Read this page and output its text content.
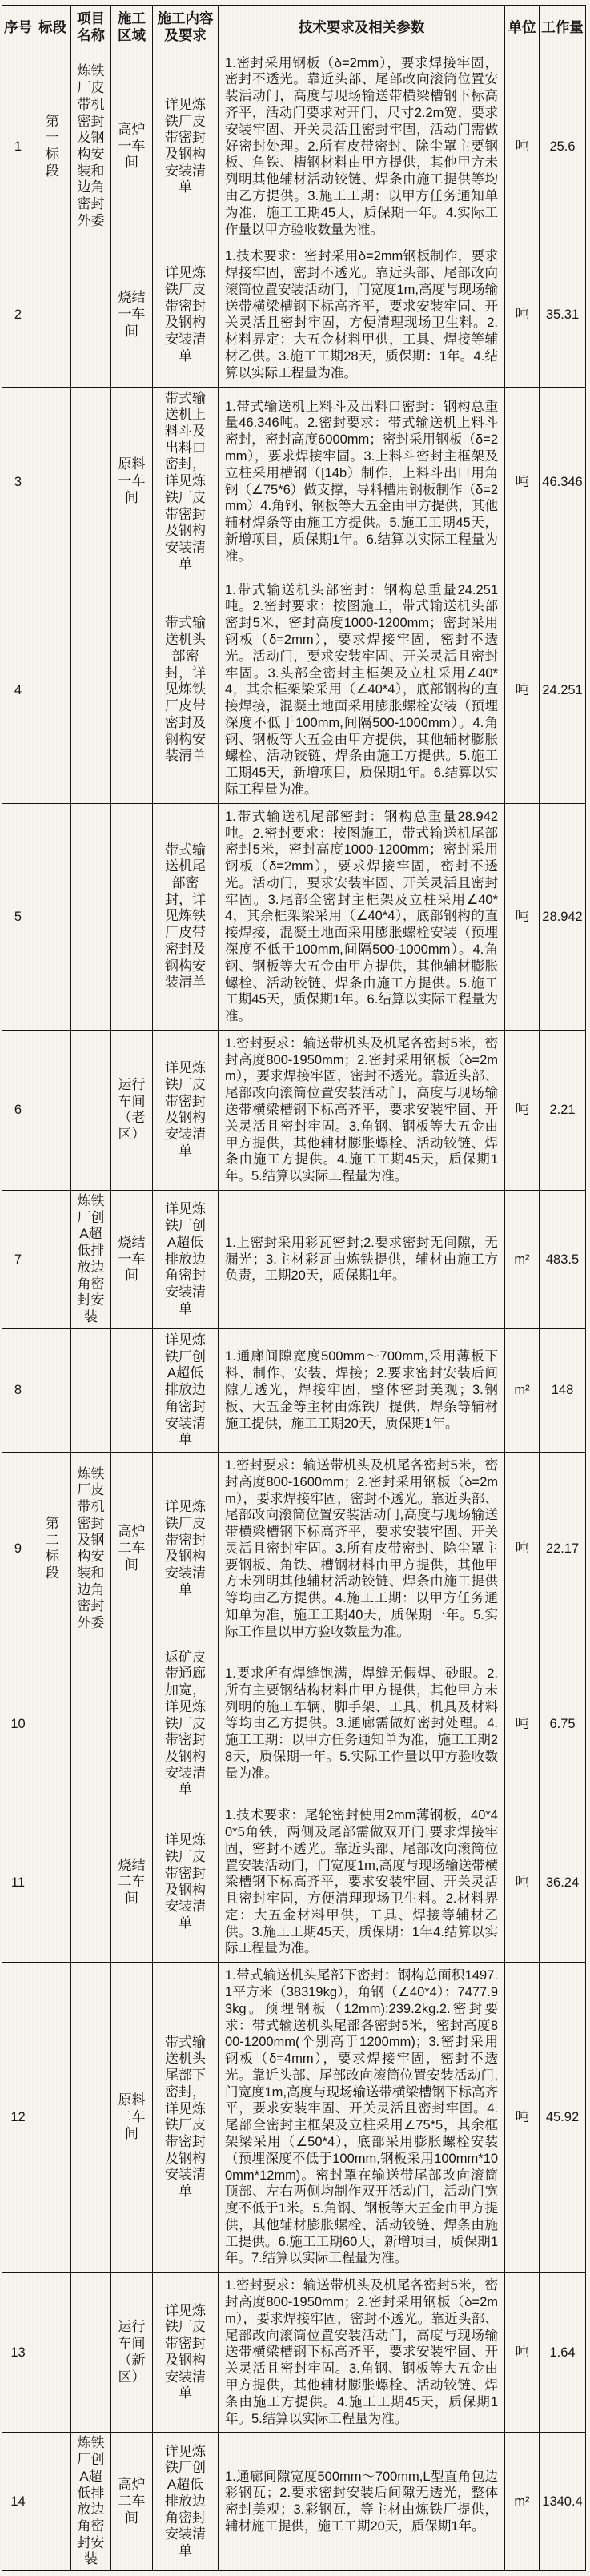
序号	标段	项目名称	施工区域	施工内容及要求	技术要求及相关参数	单位	工作量
1	第一标段	炼铁厂皮带机密封及钢构安装和边角密封外委	高炉一车间	详见炼铁厂皮带密封及钢构安装清单	1.密封采用钢板（δ=2mm），要求焊接牢固，密封不透光。靠近头部、尾部改向滚筒位置安装活动门，高度与现场输送带横梁槽钢下标高齐平，活动门要求对开门，尺寸2.2m宽，要求安装牢固、开关灵活且密封牢固，活动门需做好密封处理。2.所有皮带密封、除尘罩主要钢板、角铁、槽钢材料由甲方提供，其他甲方未列明其他辅材活动铰链、焊条由施工提供等均由乙方提供。3.施工工期：以甲方任务通知单为准，施工工期45天，质保期一年。4.实际工作量以甲方验收数量为准。	吨	25.6
2			烧结一车间	详见炼铁厂皮带密封及钢构安装清单	1.技术要求：密封采用δ=2mm钢板制作，要求焊接牢固，密封不透光。靠近头部、尾部改向滚筒位置安装活动门，门宽度1m,高度与现场输送带横梁槽钢下标高齐平，要求安装牢固、开关灵活且密封牢固，方便清理现场卫生料。2.材料界定：大五金材料甲供，工具、焊接等辅材乙供。3.施工工期28天，质保期：1年。4.结算以实际工程量为准。	吨	35.31
3			原料一车间	带式输送机上料斗及出料口密封，详见炼铁厂皮带密封及钢构安装清单	1.带式输送机上料斗及出料口密封：钢构总重量46.346吨。2.密封要求：带式输送机上料斗密封，密封高度6000mm；密封采用钢板（δ=2mm），要求焊接牢固。3.上料斗密封主框架及立柱采用槽钢（[14b）制作，上料斗出口用角钢（∠75*6）做支撑，导料槽用钢板制作（δ=2mm）4.角钢、钢板等大五金由甲方提供，其他辅材焊条等由施工方提供。5.施工工期45天，新增项目，质保期1年。6.结算以实际工程量为准。	吨	46.346
4				带式输送机头部密封，详见炼铁厂皮带密封及钢构安装清单	1.带式输送机头部密封：钢构总重量24.251吨。2.密封要求：按图施工，带式输送机头部密封5米，密封高度1000-1200mm；密封采用钢板（δ=2mm），要求焊接牢固，密封不透光。活动门，要求安装牢固、开关灵活且密封牢固。3.头部全密封主框架及立柱采用∠40*4，其余框架梁采用（∠40*4），底部钢构的直接焊接，混凝土地面采用膨胀螺栓安装（预埋深度不低于100mm,间隔500-1000mm）。4.角钢、钢板等大五金由甲方提供，其他辅材膨胀螺栓、活动铰链、焊条由施工方提供。5.施工工期45天，新增项目，质保期1年。6.结算以实际工程量为准。	吨	24.251
5				带式输送机尾部密封，详见炼铁厂皮带密封及钢构安装清单	1.带式输送机尾部密封：钢构总重量28.942吨。2.密封要求：按图施工，带式输送机尾部密封5米，密封高度1000-1200mm；密封采用钢板（δ=2mm），要求焊接牢固，密封不透光。活动门，要求安装牢固、开关灵活且密封牢固。3.尾部全密封主框架及立柱采用∠40*4，其余框架梁采用（∠40*4），底部钢构的直接焊接，混凝土地面采用膨胀螺栓安装（预埋深度不低于100mm,间隔500-1000mm）。4.角钢、钢板等大五金由甲方提供，其他辅材膨胀螺栓、活动铰链、焊条由施工方提供。5.施工工期45天，质保期1年。6.结算以实际工程量为准。	吨	28.942
6			运行车间（老区）	详见炼铁厂皮带密封及钢构安装清单	1.密封要求：输送带机头及机尾各密封5米，密封高度800-1950mm；2.密封采用钢板（δ=2mm），要求焊接牢固，密封不透光。靠近头部、尾部改向滚筒位置安装活动门，高度与现场输送带横梁槽钢下标高齐平，要求安装牢固、开关灵活且密封牢固。3.角钢、钢板等大五金由甲方提供，其他辅材膨胀螺栓、活动铰链、焊条由施工方提供。4.施工工期45天，质保期1年。5.结算以实际工程量为准。	吨	2.21
7		炼铁厂创A超低排放边角密封安装	烧结一车间	详见炼铁厂创A超低排放边角密封安装清单	1.上密封采用彩瓦密封;2.要求密封无间隙，无漏光；3.主材彩瓦由炼铁提供，辅材由施工方负责，工期20天，质保期1年。	m²	483.5
8				详见炼铁厂创A超低排放边角密封安装清单	1.通廊间隙宽度500mm～700mm,采用薄板下料、制作、安装、焊接；2.要求密封安装后间隙无透光，焊接牢固，整体密封美观；3.钢板、大五金等主材由炼铁厂提供，焊条等辅材施工提供，施工工期20天，质保期1年。	m²	148
9	第二标段	炼铁厂皮带机密封及钢构安装和边角密封外委	高炉二车间	详见炼铁厂皮带密封及钢构安装清单	1.密封要求：输送带机头及机尾各密封5米，密封高度800-1600mm；2.密封采用钢板（δ=2mm），要求焊接牢固，密封不透光。靠近头部、尾部改向滚筒位置安装活动门,高度与现场输送带横梁槽钢下标高齐平，要求安装牢固、开关灵活且密封牢固。3.所有皮带密封、除尘罩主要钢板、角铁、槽钢材料由甲方提供，其他甲方未列明其他辅材活动铰链、焊条由施工提供等均由乙方提供。4.施工工期：以甲方任务通知单为准，施工工期40天，质保期一年。5.实际工作量以甲方验收数量为准。	吨	22.17
10				返矿皮带通廊加宽，详见炼铁厂皮带密封及钢构安装清单	1.要求所有焊缝饱满，焊缝无假焊、砂眼。2.所有主要钢结构材料由甲方提供，其他甲方未列明的施工车辆、脚手架、工具、机具及材料等均由乙方提供。3.通廊需做好密封处理。4.施工工期：以甲方任务通知单为准，施工工期28天，质保期一年。5.实际工作量以甲方验收数量为准。	吨	6.75
11			烧结二车间	详见炼铁厂皮带密封及钢构安装清单	1.技术要求：尾轮密封使用2mm薄钢板，40*40*5角铁，两侧及尾部需做双开门,要求焊接牢固，密封不透光。靠近头部、尾部改向滚筒位置安装活动门，门宽度1m,高度与现场输送带横梁槽钢下标高齐平，要求安装牢固、开关灵活且密封牢固，方便清理现场卫生料。2.材料界定：大五金材料甲供，工具、焊接等辅材乙供。3.施工工期45天，质保期：1年4.结算以实际工程量为准。	吨	36.24
12			原料二车间	带式输送机头尾部下密封，详见炼铁厂皮带密封及钢构安装清单	1.带式输送机头尾部下密封：钢构总面积1497.1平方米（38319kg），角钢（∠40*4）：7477.93kg。预埋钢板（12mm):239.2kg.2.密封要求：带式输送机头尾部各密封5米，密封高度800-1200mm(个别高于1200mm)；3.密封采用钢板（δ=4mm），要求焊接牢固，密封不透光。靠近头部、尾部改向滚筒位置安装活动门,门宽度1m,高度与现场输送带横梁槽钢下标高齐平，要求安装牢固、开关灵活且密封牢固。4.尾部全密封主框架及立柱采用∠75*5，其余框架梁采用（∠50*4），底部采用膨胀螺栓安装（预埋深度不低于100mm,钢板采用100mm*100mm*12mm)。密封罩在输送带尾部改向滚筒顶部、左右两侧均制作双开活动门，活动门宽度不低于1米。5.角钢、钢板等大五金由甲方提供，其他辅材膨胀螺栓、活动铰链、焊条由施工提供。6.施工工期60天，新增项目，质保期1年。7.结算以实际工程量为准。	吨	45.92
13			运行车间（新区）	详见炼铁厂皮带密封及钢构安装清单	1.密封要求：输送带机头及机尾各密封5米，密封高度800-1950mm；2.密封采用钢板（δ=2mm），要求焊接牢固，密封不透光。靠近头部、尾部改向滚筒位置安装活动门，高度与现场输送带横梁槽钢下标高齐平，要求安装牢固、开关灵活且密封牢固。3.角钢、钢板等大五金由甲方提供，其他辅材膨胀螺栓、活动铰链、焊条由施工方提供。4.施工工期45天，质保期1年。5.结算以实际工程量为准。	吨	1.64
14		炼铁厂创A超低排放边角密封安装	高炉二车间	详见炼铁厂创A超低排放边角密封安装清单	1.通廊间隙宽度500mm～700mm,L型直角包边彩钢瓦；2.要求密封安装后间隙无透光，整体密封美观；3.彩钢瓦，等主材由炼铁厂提供，辅材施工提供，施工工期20天，质保期1年。	m²	1340.4
